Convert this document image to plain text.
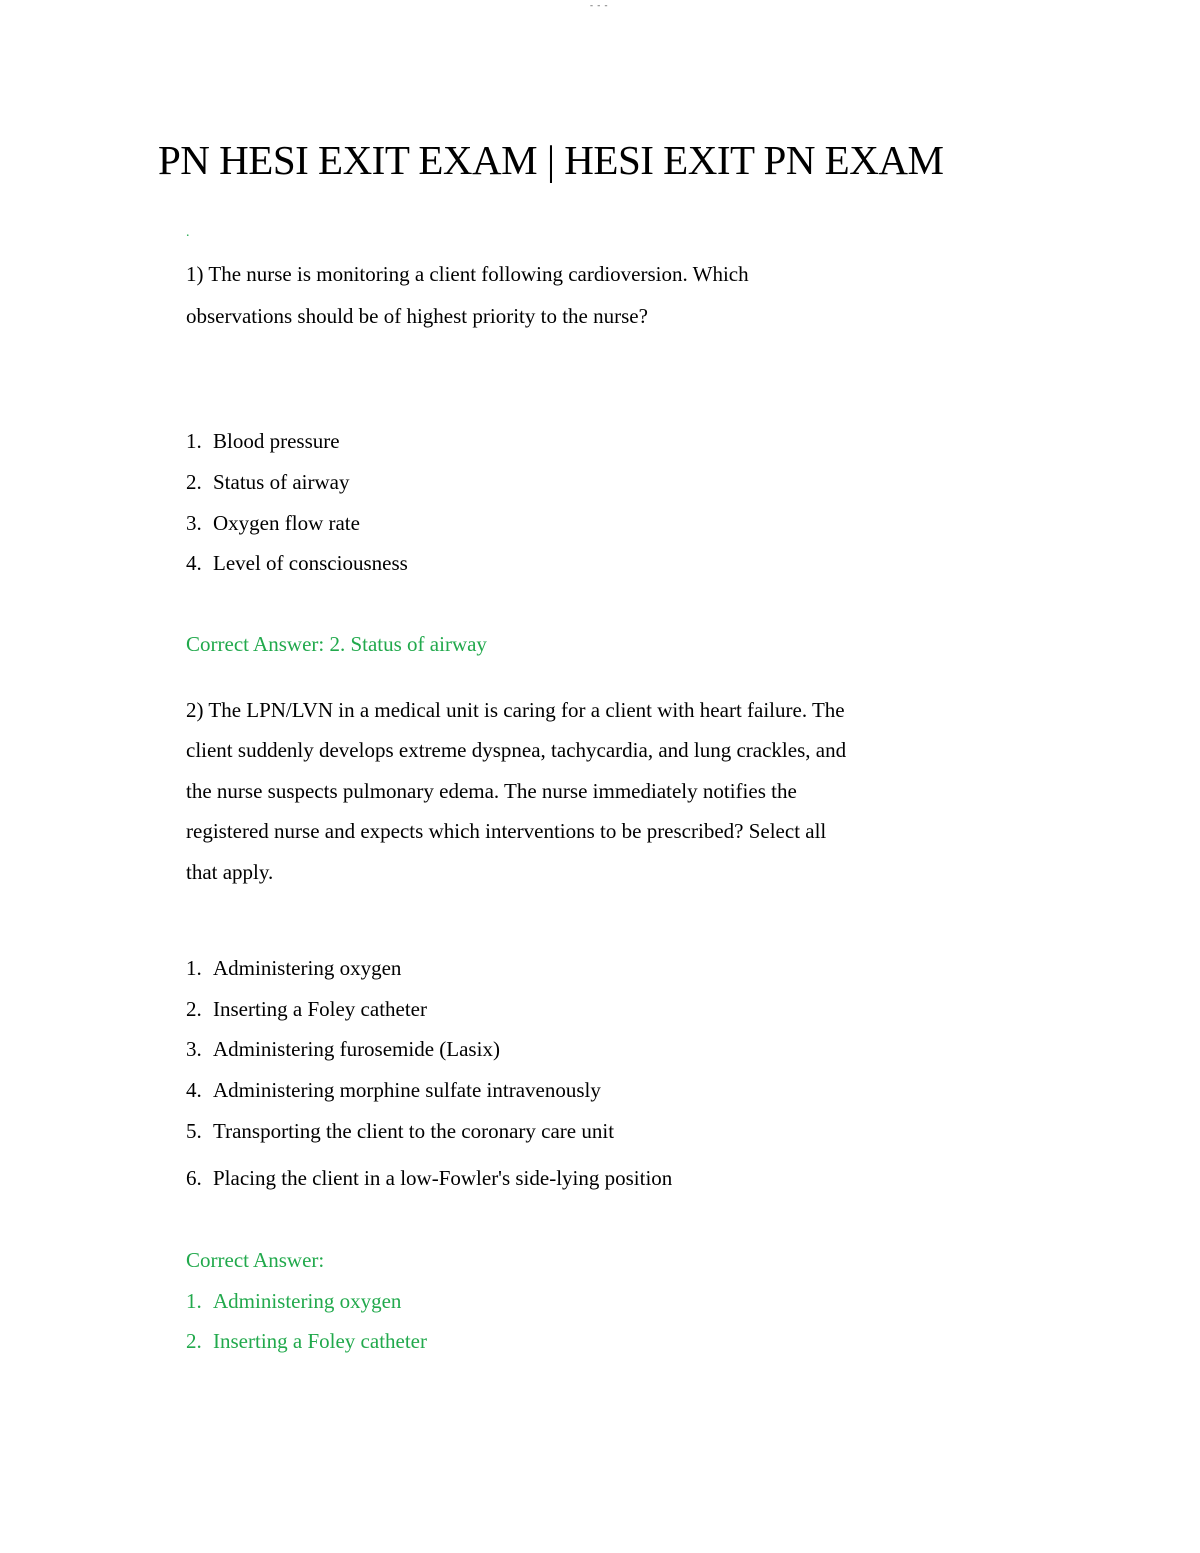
- - -
PN HESI EXIT EXAM | HESI EXIT PN EXAM
.

1) The nurse is monitoring a client following cardioversion. Which

observations should be of highest priority to the nurse?

1. Blood pressure
2. Status of airway
3. Oxygen flow rate
4. Level of consciousness

Correct Answer: 2. Status of airway

2) The LPN/LVN in a medical unit is caring for a client with heart failure. The

client suddenly develops extreme dyspnea, tachycardia, and lung crackles, and

the nurse suspects pulmonary edema. The nurse immediately notifies the

registered nurse and expects which interventions to be prescribed? Select all

that apply.

1. Administering oxygen
2. Inserting a Foley catheter
3. Administering furosemide (Lasix)
4. Administering morphine sulfate intravenously
5. Transporting the client to the coronary care unit
6. Placing the client in a low-Fowler's side-lying position

Correct Answer:

1. Administering oxygen
2. Inserting a Foley catheter
